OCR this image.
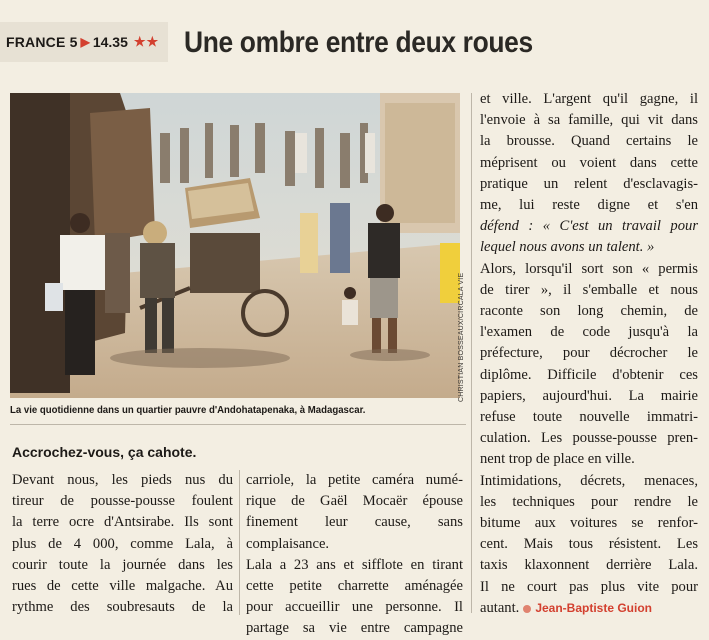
FRANCE 5 ▶ 14.35 ★★ Une ombre entre deux roues
CHRISTIAN BOSSEAUX/CIRCALA VIE
La vie quotidienne dans un quartier pauvre d'Andohatapenaka, à Madagascar.
Accrochez-vous, ça cahote.
Devant nous, les pieds nus du
tireur de pousse-pousse foulent
la terre ocre d'Antsirabe. Ils sont
plus de 4 000, comme Lala, à
courir toute la journée dans les
rues de cette ville malgache. Au
rythme des soubresauts de la
carriole, la petite caméra numé-
rique de Gaël Mocaër épouse
finement leur cause, sans
complaisance.
Lala a 23 ans et sifflote en tirant
cette petite charrette aménagée
pour accueillir une personne. Il
partage sa vie entre campagne
et ville. L'argent qu'il gagne, il
l'envoie à sa famille, qui vit dans
la brousse. Quand certains le
méprisent ou voient dans cette
pratique un relent d'esclavagis-
me, lui reste digne et s'en
défend : « C'est un travail pour
lequel nous avons un talent. »
Alors, lorsqu'il sort son « permis
de tirer », il s'emballe et nous
raconte son long chemin, de
l'examen de code jusqu'à la
préfecture, pour décrocher le
diplôme. Difficile d'obtenir ces
papiers, aujourd'hui. La mairie
refuse toute nouvelle immatri-
culation. Les pousse-pousse pren-
nent trop de place en ville.
Intimidations, décrets, menaces,
les techniques pour rendre le
bitume aux voitures se renfor-
cent. Mais tous résistent. Les
taxis klaxonnent derrière Lala.
Il ne court pas plus vite pour
autant. Jean-Baptiste Guion
